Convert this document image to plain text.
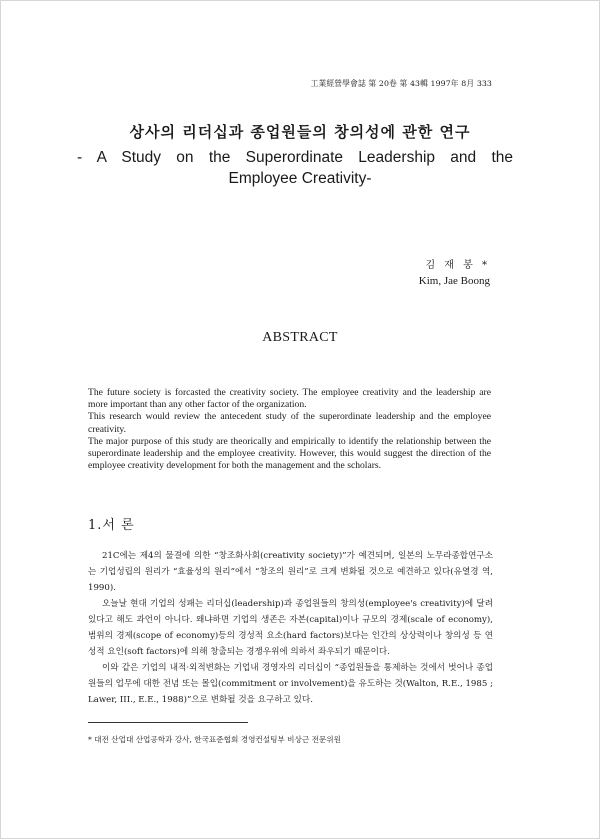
工業經營學會誌 第 20卷 第 43輯 1997年 8月 333
상사의 리더십과 종업원들의 창의성에 관한 연구
- A Study on the Superordinate Leadership and the
Employee Creativity-
김 재 봉 *
Kim, Jae Boong
ABSTRACT

The future society is forcasted the creativity society. The employee creativity and the leadership are more important than any other factor of the organization.

This research would review the antecedent study of the superordinate leadership and the employee creativity.

The major purpose of this study are theorically and empirically to identify the relationship between the superordinate leadership and the employee creativity. However, this would suggest the direction of the employee creativity development for both the management and the scholars.

1.서 론

21C에는 제4의 물결에 의한 “창조화사회(creativity society)”가 예견되며, 일본의 노무라종합연구소는 기업성립의 원리가 “효율성의 원리”에서 “창조의 원리”로 크게 변화될 것으로 예견하고 있다(유열경 역, 1990).

오늘날 현대 기업의 성패는 리더십(leadership)과 종업원들의 창의성(employee's creativity)에 달려있다고 해도 과언이 아니다. 왜냐하면 기업의 생존은 자본(capital)이나 규모의 경제(scale of economy), 범위의 경제(scope of economy)등의 경성적 요소(hard factors)보다는 인간의 상상력이나 창의성 등 연성적 요인(soft factors)에 의해 창출되는 경쟁우위에 의하서 좌우되기 때문이다.

이와 같은 기업의 내적·외적변화는 기업내 경영자의 리더십이 “종업원들을 통제하는 것에서 벗어나 종업원들의 업무에 대한 전념 또는 몰입(commitment or involvement)을 유도하는 것(Walton, R.E., 1985 ; Lawer, III., E.E., 1988)”으로 변화될 것을 요구하고 있다.

* 대전 산업대 산업공학과 강사, 한국표준협회 경영컨설팅부 비상근 전문위원
